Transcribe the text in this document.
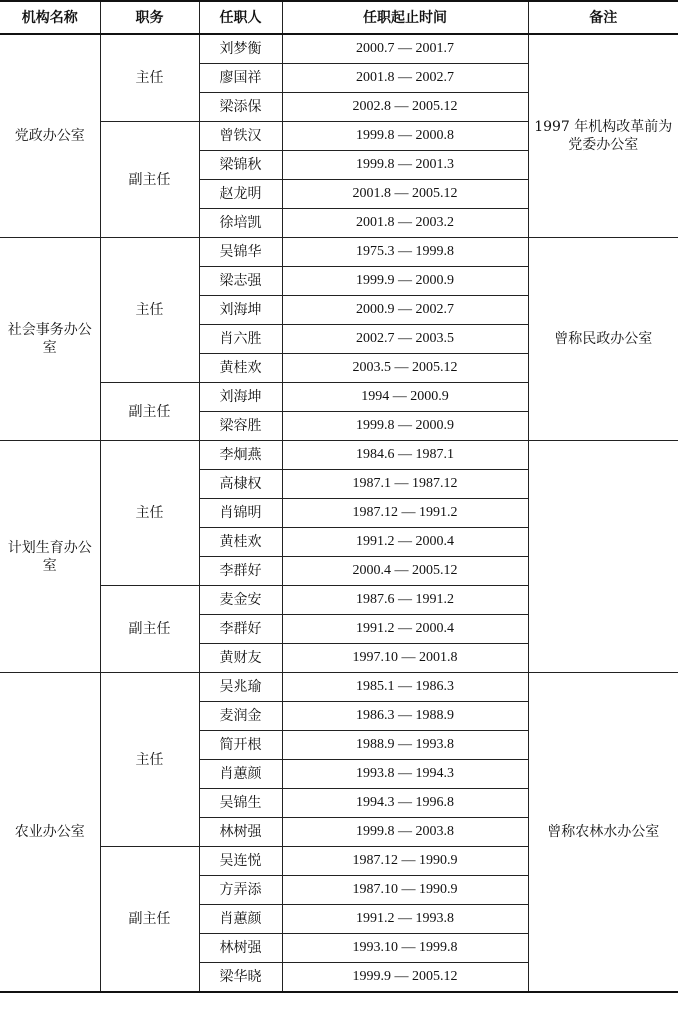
机构名称	职务	任职人	任职起止时间	备注
党政办公室	主任	刘梦衡	2000.7 — 2001.7	1997 年机构改革前为党委办公室
		廖国祥	2001.8 — 2002.7	
		梁添保	2002.8 — 2005.12	
	副主任	曾铁汉	1999.8 — 2000.8	
		梁锦秋	1999.8 — 2001.3	
		赵龙明	2001.8 — 2005.12	
		徐培凯	2001.8 — 2003.2	
社会事务办公室	主任	吴锦华	1975.3 — 1999.8	曾称民政办公室
		梁志强	1999.9 — 2000.9	
		刘海坤	2000.9 — 2002.7	
		肖六胜	2002.7 — 2003.5	
		黄桂欢	2003.5 — 2005.12	
	副主任	刘海坤	1994 — 2000.9	
		梁容胜	1999.8 — 2000.9	
计划生育办公室	主任	李炯燕	1984.6 — 1987.1	
		高棣权	1987.1 — 1987.12	
		肖锦明	1987.12 — 1991.2	
		黄桂欢	1991.2 — 2000.4	
		李群好	2000.4 — 2005.12	
	副主任	麦金安	1987.6 — 1991.2	
		李群好	1991.2 — 2000.4	
		黄财友	1997.10 — 2001.8	
农业办公室	主任	吴兆瑜	1985.1 — 1986.3	曾称农林水办公室
		麦润金	1986.3 — 1988.9	
		简开根	1988.9 — 1993.8	
		肖蕙颜	1993.8 — 1994.3	
		吴锦生	1994.3 — 1996.8	
		林树强	1999.8 — 2003.8	
	副主任	吴连悦	1987.12 — 1990.9	
		方弄添	1987.10 — 1990.9	
		肖蕙颜	1991.2 — 1993.8	
		林树强	1993.10 — 1999.8	
		梁华晓	1999.9 — 2005.12	
